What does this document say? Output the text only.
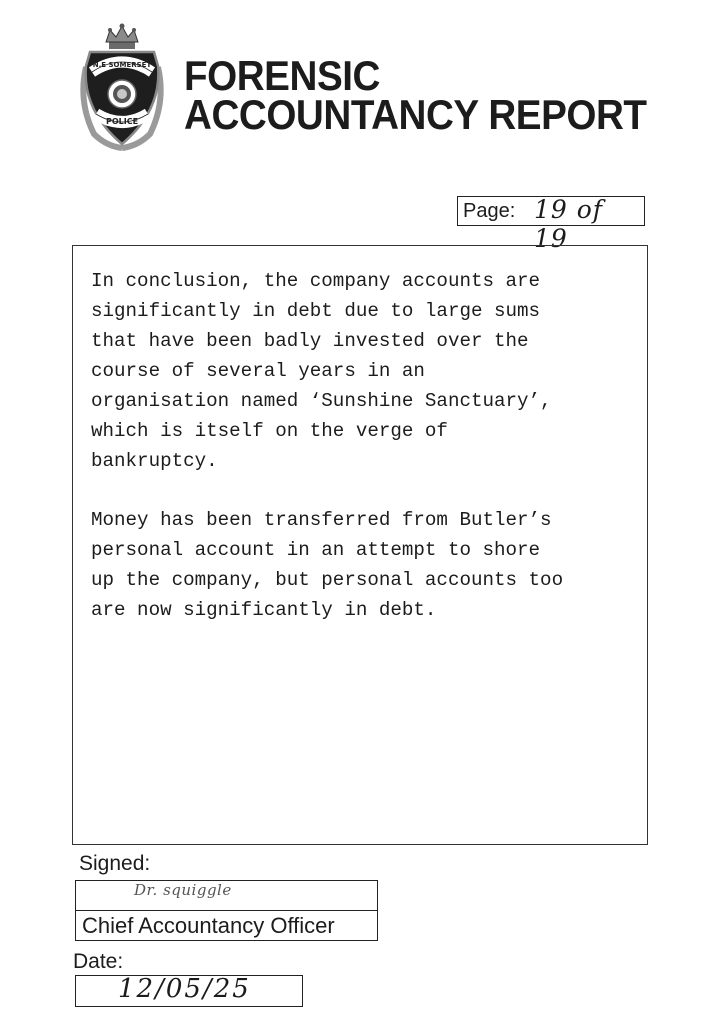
N.E SOMERSET
POLICE
FORENSIC
ACCOUNTANCY REPORT
Page: 19 of 19

In conclusion, the company accounts are
significantly in debt due to large sums
that have been badly invested over the
course of several years in an
organisation named ‘Sunshine Sanctuary’,
which is itself on the verge of
bankruptcy.

Money has been transferred from Butler’s
personal account in an attempt to shore
up the company, but personal accounts too
are now significantly in debt.

Signed:
Dr. squiggle
Chief Accountancy Officer
Date:
12/05/25
